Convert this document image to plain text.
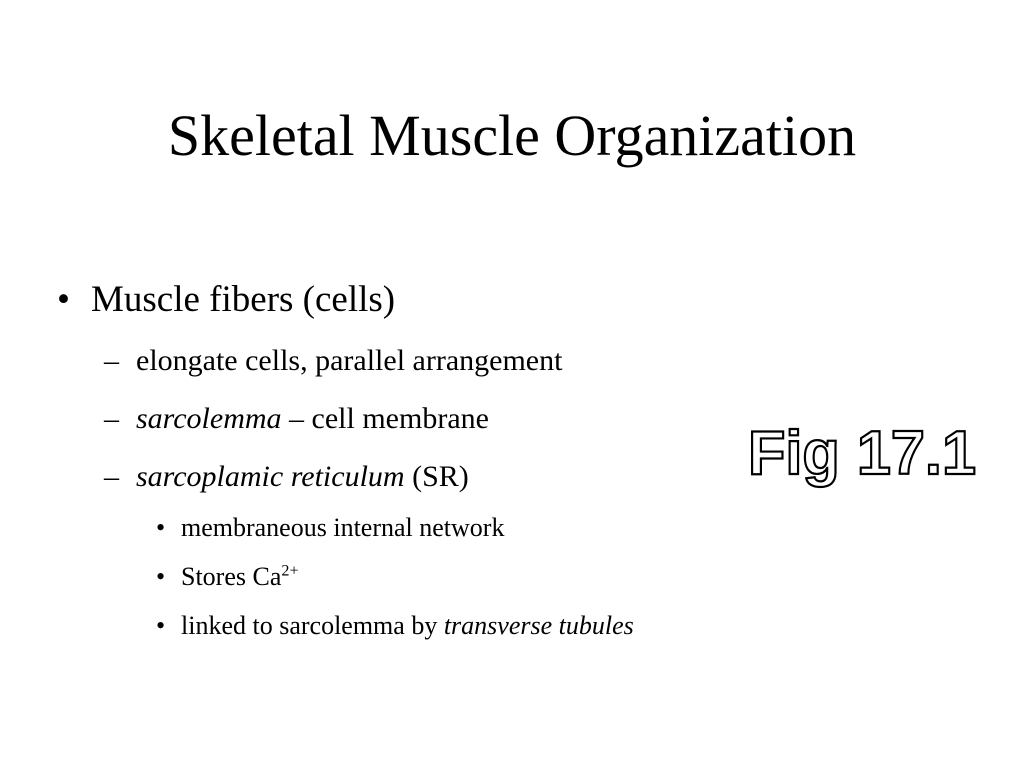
Skeletal Muscle Organization
• Muscle fibers (cells)
– elongate cells, parallel arrangement
– sarcolemma – cell membrane
– sarcoplamic reticulum (SR)
• membraneous internal network
• Stores $Ca^{2+}$
• linked to sarcolemma by transverse tubules
Fig 17.1
